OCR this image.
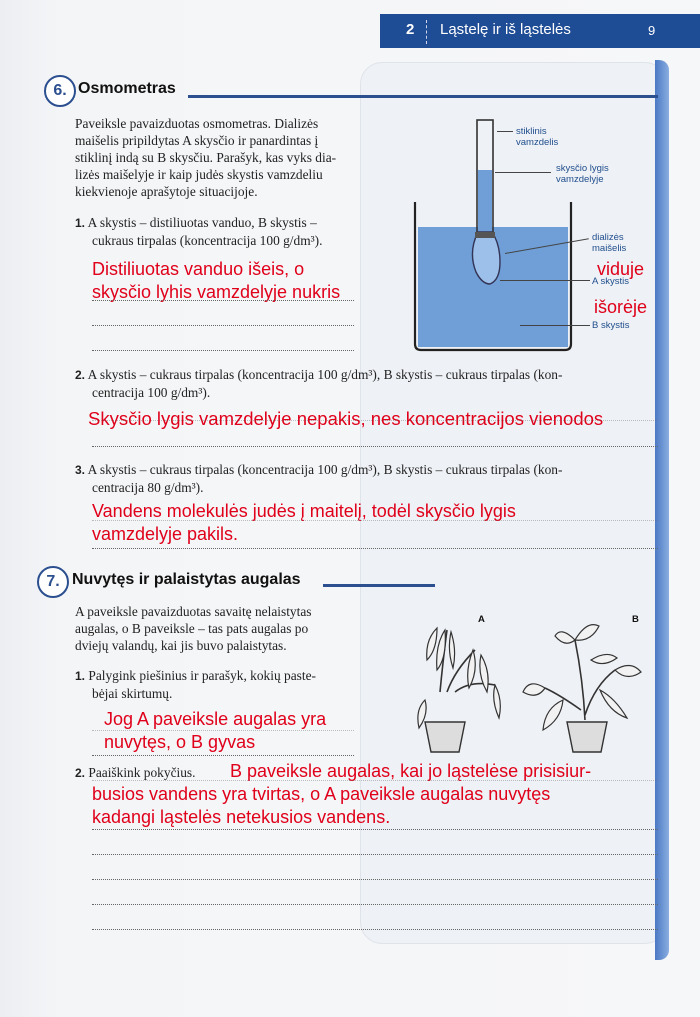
2 Ląstelę ir iš ląstelės	9
6. Osmometras
Paveiksle pavaizduotas osmometras. Dializės
maišelis pripildytas A skysčio ir panardintas į
stiklinį indą su B skysčiu. Parašyk, kas vyks dia-
lizės maišelyje ir kaip judės skystis vamzdeliu
kiekvienoje aprašytoje situacijoje.
1. A skystis – distiliuotas vanduo, B skystis –
cukraus tirpalas (koncentracija 100 g/dm³).
Distiliuotas vanduo išeis, o
skysčio lyhis vamzdelyje nukris
stiklinis
vamzdelis
skysčio lygis
vamzdelyje
dializės
maišelis
A skystis
B skystis
viduje
išorėje
2. A skystis – cukraus tirpalas (koncentracija 100 g/dm³), B skystis – cukraus tirpalas (kon-
centracija 100 g/dm³).
Skysčio lygis vamzdelyje nepakis, nes koncentracijos vienodos
3. A skystis – cukraus tirpalas (koncentracija 100 g/dm³), B skystis – cukraus tirpalas (kon-
centracija 80 g/dm³).
Vandens molekulės judės į maitelį, todėl skysčio lygis
vamzdelyje pakils.
7. Nuvytęs ir palaistytas augalas
A paveiksle pavaizduotas savaitę nelaistytas
augalas, o B paveiksle – tas pats augalas po
dviejų valandų, kai jis buvo palaistytas.
1. Palygink piešinius ir parašyk, kokių paste-
bėjai skirtumų.
Jog A paveiksle augalas yra
nuvytęs, o B gyvas
A	B
2. Paaiškink pokyčius.	B paveiksle augalas, kai jo ląstelėse prisisiur-
busios vandens yra tvirtas, o A paveiksle augalas nuvytęs
kadangi ląstelės netekusios vandens.
